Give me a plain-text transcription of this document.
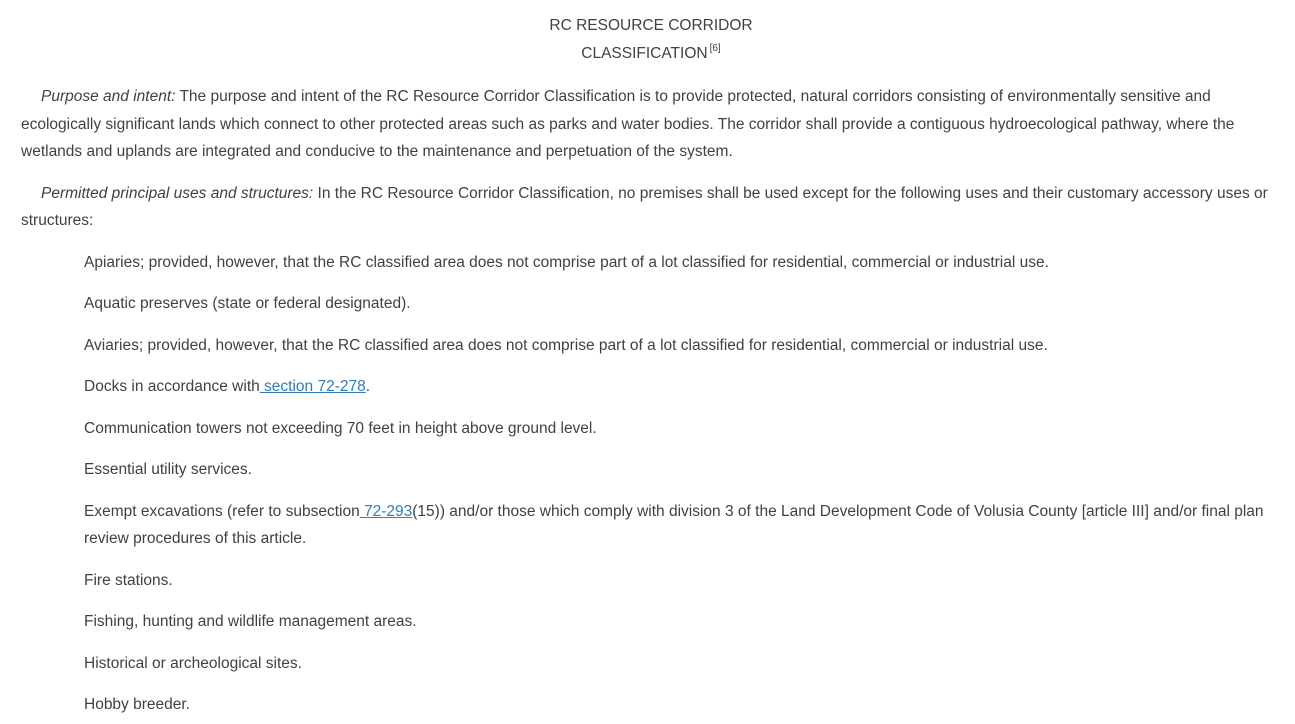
RC RESOURCE CORRIDOR
CLASSIFICATION [6]

Purpose and intent: The purpose and intent of the RC Resource Corridor Classification is to provide protected, natural corridors consisting of environmentally sensitive and ecologically significant lands which connect to other protected areas such as parks and water bodies. The corridor shall provide a contiguous hydroecological pathway, where the wetlands and uplands are integrated and conducive to the maintenance and perpetuation of the system.

Permitted principal uses and structures: In the RC Resource Corridor Classification, no premises shall be used except for the following uses and their customary accessory uses or structures:

Apiaries; provided, however, that the RC classified area does not comprise part of a lot classified for residential, commercial or industrial use.
Aquatic preserves (state or federal designated).
Aviaries; provided, however, that the RC classified area does not comprise part of a lot classified for residential, commercial or industrial use.
Docks in accordance with section 72-278.
Communication towers not exceeding 70 feet in height above ground level.
Essential utility services.
Exempt excavations (refer to subsection 72-293(15)) and/or those which comply with division 3 of the Land Development Code of Volusia County [article III] and/or final plan review procedures of this article.
Fire stations.
Fishing, hunting and wildlife management areas.
Historical or archeological sites.
Hobby breeder.
